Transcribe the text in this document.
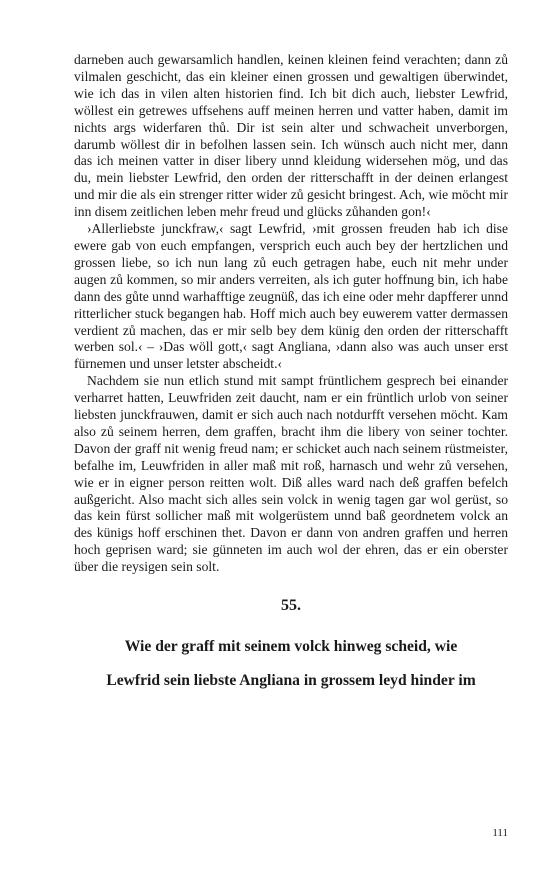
darneben auch gewarsamlich handlen, keinen kleinen feind verachten; dann zů vilmalen geschicht, das ein kleiner einen grossen und gewaltigen überwindet, wie ich das in vilen alten historien find. Ich bit dich auch, liebster Lewfrid, wöllest ein getrewes uffsehens auff meinen herren und vatter haben, damit im nichts args widerfaren thů. Dir ist sein alter und schwacheit unverborgen, darumb wöllest dir in befolhen lassen sein. Ich wünsch auch nicht mer, dann das ich meinen vatter in diser libery unnd kleidung widersehen mög, und das du, mein liebster Lewfrid, den orden der ritterschafft in der deinen erlangest und mir die als ein strenger ritter wider zů gesicht bringest. Ach, wie möcht mir inn disem zeitlichen leben mehr freud und glücks zůhanden gon!‹

›Allerliebste junckfraw,‹ sagt Lewfrid, ›mit grossen freuden hab ich dise ewere gab von euch empfangen, versprich euch auch bey der hertzlichen und grossen liebe, so ich nun lang zů euch getragen habe, euch nit mehr under augen zů kommen, so mir anders verreiten, als ich guter hoffnung bin, ich habe dann des gůte unnd warhafftige zeugnüß, das ich eine oder mehr dapfferer unnd ritterlicher stuck begangen hab. Hoff mich auch bey euwerem vatter dermassen verdient zů machen, das er mir selb bey dem künig den orden der ritterschafft werben sol.‹ – ›Das wöll gott,‹ sagt Angliana, ›dann also was auch unser erst fürnemen und unser letster abscheidt.‹

Nachdem sie nun etlich stund mit sampt früntlichem gesprech bei einander verharret hatten, Leuwfriden zeit daucht, nam er ein früntlich urlob von seiner liebsten junckfrauwen, damit er sich auch nach notdurfft versehen möcht. Kam also zů seinem herren, dem graffen, bracht ihm die libery von seiner tochter. Davon der graff nit wenig freud nam; er schicket auch nach seinem rüstmeister, befalhe im, Leuwfriden in aller maß mit roß, harnasch und wehr zů versehen, wie er in eigner person reitten wolt. Diß alles ward nach deß graffen befelch außgericht. Also macht sich alles sein volck in wenig tagen gar wol gerüst, so das kein fürst sollicher maß mit wolgerüstem unnd baß geordnetem volck an des künigs hoff erschinen thet. Davon er dann von andren graffen und herren hoch geprisen ward; sie günneten im auch wol der ehren, das er ein oberster über die reysigen sein solt.

55.
Wie der graff mit seinem volck hinweg scheid, wie
Lewfrid sein liebste Angliana in grossem leyd hinder im
111
